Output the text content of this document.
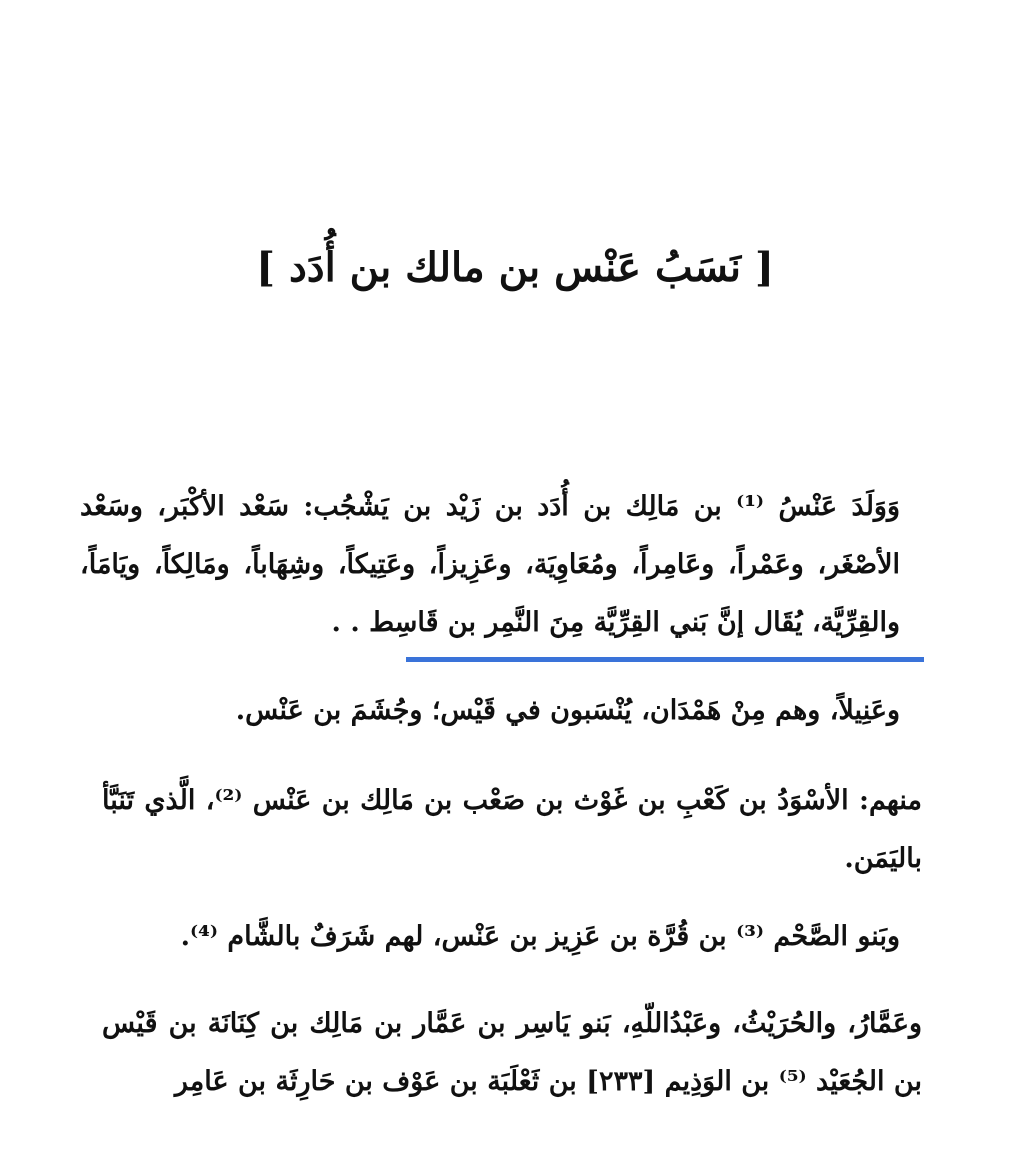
[ نَسَبُ عَنْس بن مالك بن أُدَد ]
وَوَلَدَ عَنْسُ ⁽¹⁾ بن مَالِك بن أُدَد بن زَيْد بن يَشْجُب: سَعْد الأكْبَر، وسَعْد الأصْغَر، وعَمْراً، وعَامِراً، ومُعَاوِيَة، وعَزِيزاً، وعَتِيكاً، وشِهَاباً، ومَالِكاً، ويَامَاً، والقِرِّيَّة، يُقَال إنَّ بَني القِرِّيَّة مِنَ النَّمِر بن قَاسِط . .
وعَنِيلاً، وهم مِنْ هَمْدَان، يُنْسَبون في قَيْس؛ وجُشَمَ بن عَنْس.
منهم: الأسْوَدُ بن كَعْبِ بن غَوْث بن صَعْب بن مَالِك بن عَنْس ⁽²⁾، الَّذي تَنَبَّأ باليَمَن.
وبَنو الصَّحْم ⁽³⁾ بن قُرَّة بن عَزِيز بن عَنْس، لهم شَرَفٌ بالشَّام ⁽⁴⁾.
وعَمَّارُ، والحُرَيْثُ، وعَبْدُاللّهِ، بَنو يَاسِر بن عَمَّار بن مَالِك بن كِنَانَة بن قَيْس بن الجُعَيْد ⁽⁵⁾ بن الوَذِيم [٢٣٣] بن ثَعْلَبَة بن عَوْف بن حَارِثَة بن عَامِر
